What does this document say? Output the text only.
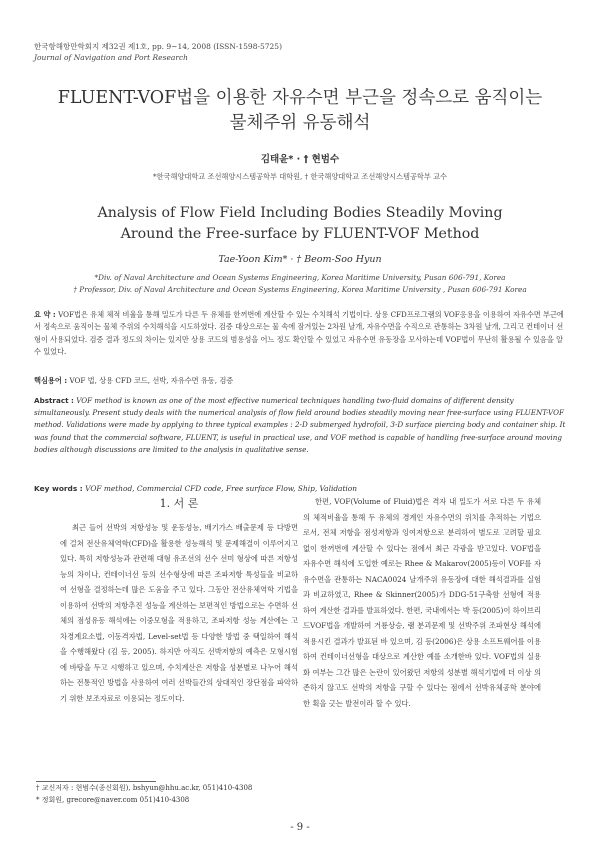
한국항해항만학회지 제32권 제1호, pp. 9~14, 2008 (ISSN-1598-5725)
Journal of Navigation and Port Research
FLUENT-VOF법을 이용한 자유수면 부근을 정속으로 움직이는
물체주위 유동해석
김태윤* · † 현범수
*한국해양대학교 조선해양시스템공학부 대학원, † 한국해양대학교 조선해양시스템공학부 교수
Analysis of Flow Field Including Bodies Steadily Moving
Around the Free-surface by FLUENT-VOF Method
Tae-Yoon Kim* · † Beom-Soo Hyun
*Div. of Naval Architecture and Ocean Systems Engineering, Korea Maritime University, Pusan 606-791, Korea
† Professor, Div. of Naval Architecture and Ocean Systems Engineering, Korea Maritime University , Pusan 606-791 Korea

요 약 : VOF법은 유체 체적 비율을 통해 밀도가 다른 두 유체를 한꺼번에 계산할 수 있는 수치해석 기법이다. 상용 CFD프로그램의 VOF응용을 이용하여 자유수면 부근에서 정속으로 움직이는 물체 주위의 수치해석을 시도하였다. 검증 대상으로는 물 속에 잠겨있는 2차원 날개, 자유수면을 수직으로 관통하는 3차원 날개, 그리고 컨테이너 선형이 사용되었다. 검증 결과 정도의 차이는 있지만 상용 코드의 범용성을 어느 정도 확인할 수 있었고 자유수면 유동장을 모사하는데 VOF법이 무난히 활용될 수 있음을 알 수 있었다.

핵심용어 : VOF 법, 상용 CFD 코드, 선박, 자유수면 유동, 검증
Abstract : VOF method is known as one of the most effective numerical techniques handling two-fluid domains of different density simultaneously. Present study deals with the numerical analysis of flow field around bodies steadily moving near free-surface using FLUENT-VOF method. Validations were made by applying to three typical examples : 2-D submerged hydrofoil, 3-D surface piercing body and container ship. It was found that the commercial software, FLUENT, is useful in practical use, and VOF method is capable of handling free-surface around moving bodies although discussions are limited to the analysis in qualitative sense.
Key words : VOF method, Commercial CFD code, Free surface Flow, Ship, Validation
1. 서 론

최근 들어 선박의 저항성능 및 운동성능, 배기가스 배출문제 등 다방면에 걸쳐 전산유체역학(CFD)을 활용한 성능해석 및 문제해결이 이루어지고 있다. 특히 저항성능과 관련해 대형 유조선의 선수 선미 형상에 따른 저항성능의 차이나, 컨테이너선 등의 선수형상에 따른 조파저항 특성들을 비교하여 선형을 결정하는데 많은 도움을 주고 있다. 그동안 전산유체역학 기법을 이용하여 선박의 저항추진 성능을 계산하는 보편적인 방법으로는 수면하 선체의 점성유동 해석에는 이중모형을 적용하고, 조파저항 성능 계산에는 고차경계요소법, 이동격자법, Level-set법 등 다양한 방법 중 택일하여 해석을 수행해왔다 (김 등, 2005). 하지만 아직도 선박저항의 예측은 모형시험에 바탕을 두고 시행하고 있으며, 수치계산은 저항을 성분별로 나누어 해석하는 전통적인 방법을 사용하여 여러 선박들간의 상대적인 장단점을 파악하기 위한 보조자료로 이용되는 정도이다.

한편, VOF(Volume of Fluid)법은 격자 내 밀도가 서로 다른 두 유체의 체적비율을 통해 두 유체의 경계인 자유수면의 위치를 추적하는 기법으로서, 전체 저항을 점성저항과 잉여저항으로 분리하여 별도로 고려할 필요없이 한꺼번에 계산할 수 있다는 점에서 최근 각광을 받고있다. VOF법을 자유수면 해석에 도입한 예로는 Rhee & Makarov(2005)등이 VOF를 자유수면을 관통하는 NACA0024 날개주위 유동장에 대한 해석결과를 실험과 비교하였고, Rhee & Skinner(2005)가 DDG-51구축함 선형에 적용하여 계산한 결과를 발표하였다. 한편, 국내에서는 박 등(2005)이 하이브리드VOF법을 개발하여 거룡상승, 램 분괴문제 및 선박주위 조파현상 해석에 적용시킨 결과가 발표된 바 있으며, 김 등(2006)은 상용 소프트웨어를 이용하여 컨테이너선형을 대상으로 계산한 예를 소개한바 있다. VOF법의 실용화 여부는 그간 많은 논란이 있어왔던 저항의 성분별 해석기법에 더 이상 의존하지 않고도 선박의 저항을 구할 수 있다는 점에서 선박유체공학 분야에 한 획을 긋는 발전이라 할 수 있다.

† 교신저자 : 현범수(종신회원), bshyun@hhu.ac.kr, 051)410-4308
* 정회원, grecore@naver.com 051)410-4308
- 9 -
